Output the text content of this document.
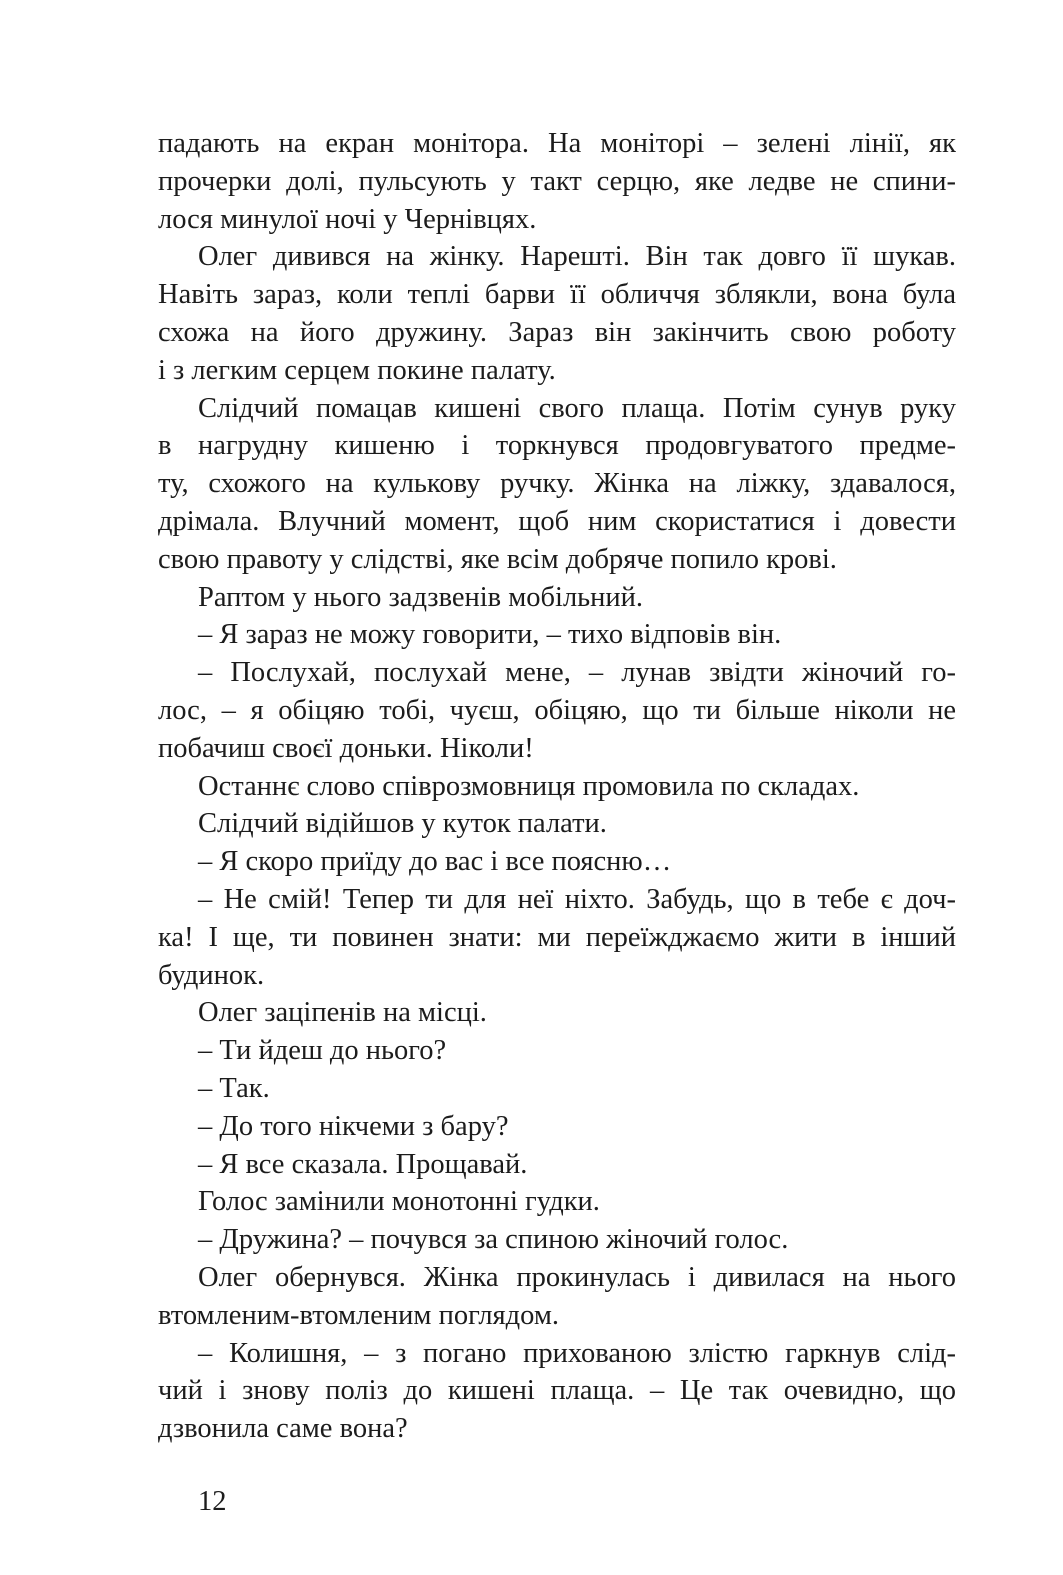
падають на екран монітора. На моніторі – зелені лінії, як
прочерки долі, пульсують у такт серцю, яке ледве не спини-
лося минулої ночі у Чернівцях.
Олег дивився на жінку. Нарешті. Він так довго її шукав.
Навіть зараз, коли теплі барви її обличчя зблякли, вона була
схожа на його дружину. Зараз він закінчить свою роботу
і з легким серцем покине палату.
Слідчий помацав кишені свого плаща. Потім сунув руку
в нагрудну кишеню і торкнувся продовгуватого предме-
ту, схожого на кулькову ручку. Жінка на ліжку, здавалося,
дрімала. Влучний момент, щоб ним скористатися і довести
свою правоту у слідстві, яке всім добряче попило крові.
Раптом у нього задзвенів мобільний.
– Я зараз не можу говорити, – тихо відповів він.
– Послухай, послухай мене, – лунав звідти жіночий го-
лос, – я обіцяю тобі, чуєш, обіцяю, що ти більше ніколи не
побачиш своєї доньки. Ніколи!
Останнє слово співрозмовниця промовила по складах.
Слідчий відійшов у куток палати.
– Я скоро приїду до вас і все поясню…
– Не смій! Тепер ти для неї ніхто. Забудь, що в тебе є доч-
ка! І ще, ти повинен знати: ми переїжджаємо жити в інший
будинок.
Олег заціпенів на місці.
– Ти йдеш до нього?
– Так.
– До того нікчеми з бару?
– Я все сказала. Прощавай.
Голос замінили монотонні гудки.
– Дружина? – почувся за спиною жіночий голос.
Олег обернувся. Жінка прокинулась і дивилася на нього
втомленим-втомленим поглядом.
– Колишня, – з погано прихованою злістю гаркнув слід-
чий і знову поліз до кишені плаща. – Це так очевидно, що
дзвонила саме вона?
12
